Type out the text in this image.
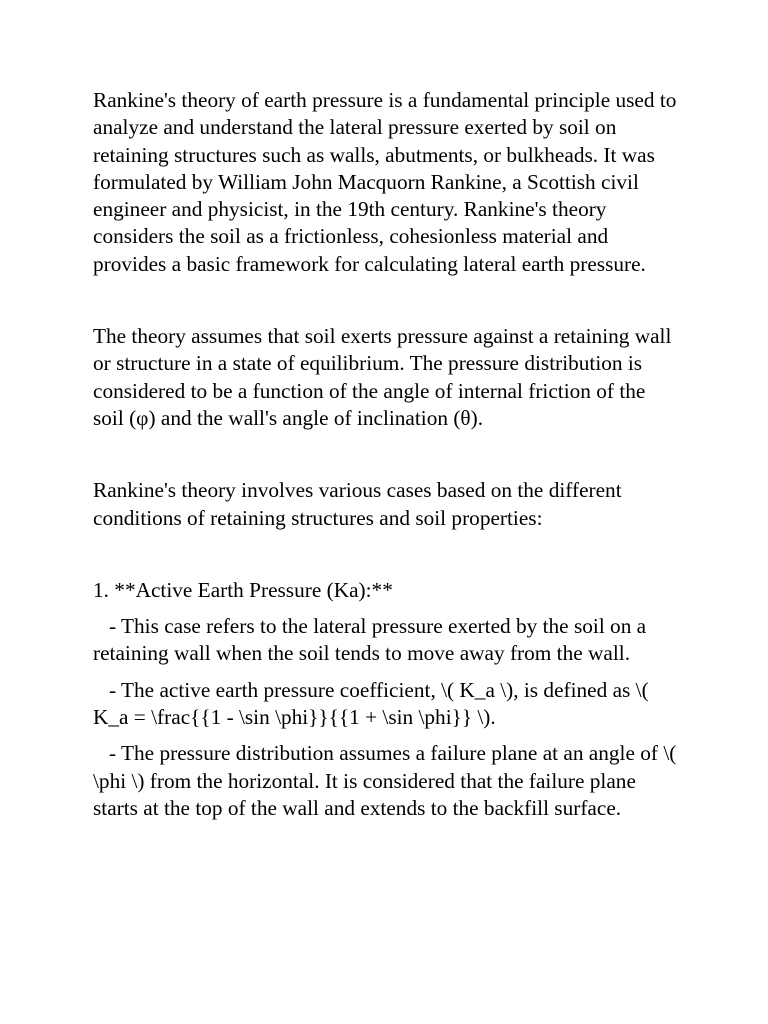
Rankine's theory of earth pressure is a fundamental principle used to analyze and understand the lateral pressure exerted by soil on retaining structures such as walls, abutments, or bulkheads. It was formulated by William John Macquorn Rankine, a Scottish civil engineer and physicist, in the 19th century. Rankine's theory considers the soil as a frictionless, cohesionless material and provides a basic framework for calculating lateral earth pressure.

The theory assumes that soil exerts pressure against a retaining wall or structure in a state of equilibrium. The pressure distribution is considered to be a function of the angle of internal friction of the soil (φ) and the wall's angle of inclination (θ).

Rankine's theory involves various cases based on the different conditions of retaining structures and soil properties:

1. **Active Earth Pressure (Ka):**

- This case refers to the lateral pressure exerted by the soil on a retaining wall when the soil tends to move away from the wall.

- The active earth pressure coefficient, \( K_a \), is defined as \( K_a = \frac{{1 - \sin \phi}}{{1 + \sin \phi}} \).

- The pressure distribution assumes a failure plane at an angle of \( \phi \) from the horizontal. It is considered that the failure plane starts at the top of the wall and extends to the backfill surface.
